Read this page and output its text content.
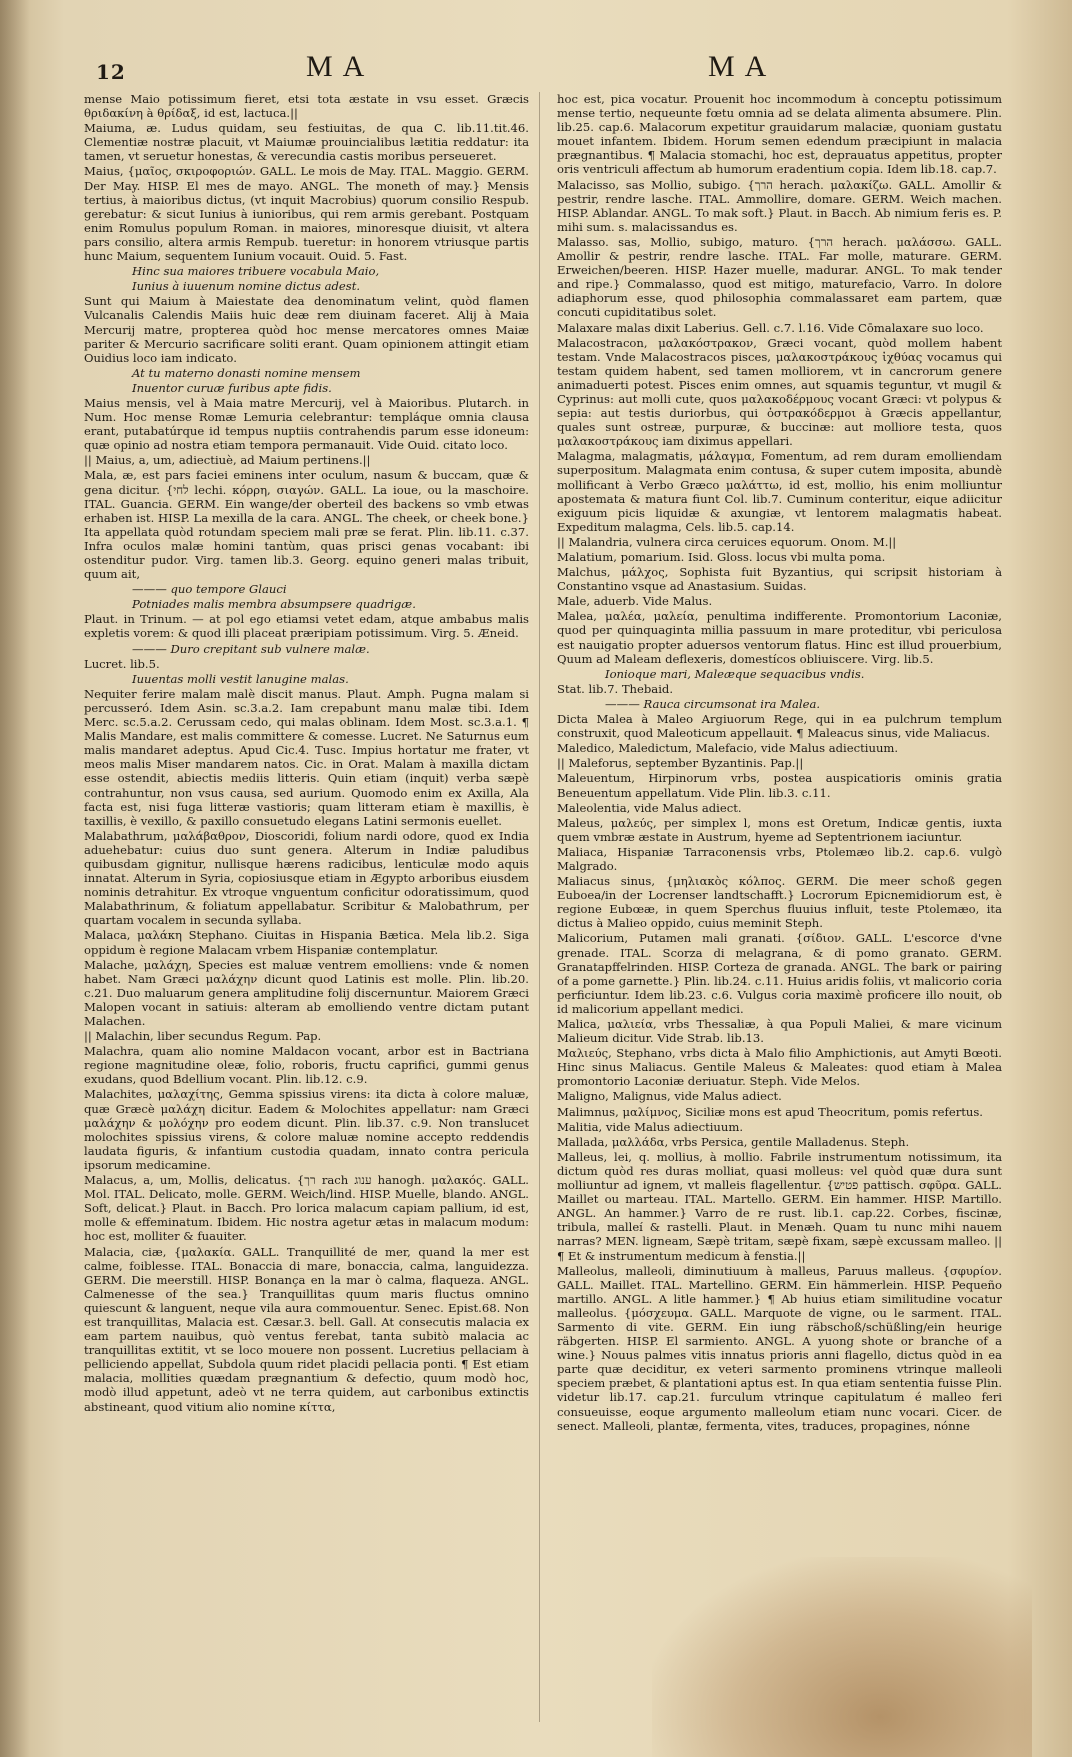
12	MA	MA

mense Maio potissimum fieret, etsi tota æstate in vsu esset. Græcis θριδακίνη à θρίδαξ, id est, lactuca.||

Maiuma, æ. Ludus quidam, seu festiuitas, de qua C. lib.11.tit.46. Clementiæ nostræ placuit, vt Maiumæ prouincialibus lætitia reddatur: ita tamen, vt seruetur honestas, & verecundia castis moribus perseueret.

Maius, {μαῖος, σκιροφοριών. GALL. Le mois de May. ITAL. Maggio. GERM. Der May. HISP. El mes de mayo. ANGL. The moneth of may.} Mensis tertius, à maioribus dictus, (vt inquit Macrobius) quorum consilio Respub. gerebatur: & sicut Iunius à iunioribus, qui rem armis gerebant. Postquam enim Romulus populum Roman. in maiores, minoresque diuisit, vt altera pars consilio, altera armis Rempub. tueretur: in honorem vtriusque partis hunc Maium, sequentem Iunium vocauit. Ouid. 5. Fast.

Hinc sua maiores tribuere vocabula Maio,

Iunius à iuuenum nomine dictus adest.

Sunt qui Maium à Maiestate dea denominatum velint, quòd flamen Vulcanalis Calendis Maiis huic deæ rem diuinam faceret. Alij à Maia Mercurij matre, propterea quòd hoc mense mercatores omnes Maiæ pariter & Mercurio sacrificare soliti erant. Quam opinionem attingit etiam Ouidius loco iam indicato.

At tu materno donasti nomine mensem

Inuentor curuæ furibus apte fidis.

Maius mensis, vel à Maia matre Mercurij, vel à Maioribus. Plutarch. in Num. Hoc mense Romæ Lemuria celebrantur: templáque omnia clausa erant, putabatúrque id tempus nuptiis contrahendis parum esse idoneum: quæ opinio ad nostra etiam tempora permanauit. Vide Ouid. citato loco.

|| Maius, a, um, adiectiuè, ad Maium pertinens.||

Mala, æ, est pars faciei eminens inter oculum, nasum & buccam, quæ & gena dicitur. {לחי lechi. κόρρη, σιαγών. GALL. La ioue, ou la maschoire. ITAL. Guancia. GERM. Ein wange/der oberteil des backens so vmb etwas erhaben ist. HISP. La mexilla de la cara. ANGL. The cheek, or cheek bone.} Ita appellata quòd rotundam speciem mali præ se ferat. Plin. lib.11. c.37. Infra oculos malæ homini tantùm, quas prisci genas vocabant: ibi ostenditur pudor. Virg. tamen lib.3. Georg. equino generi malas tribuit, quum ait,

——— quo tempore Glauci

Potniades malis membra absumpsere quadrigæ.

Plaut. in Trinum. — at pol ego etiamsi vetet edam, atque ambabus malis expletis vorem: & quod illi placeat præripiam potissimum. Virg. 5. Æneid.

——— Duro crepitant sub vulnere malæ.

Lucret. lib.5.

Iuuentas molli vestit lanugine malas.

Nequiter ferire malam malè discit manus. Plaut. Amph. Pugna malam si percusseró. Idem Asin. sc.3.a.2. Iam crepabunt manu malæ tibi. Idem Merc. sc.5.a.2. Cerussam cedo, qui malas oblinam. Idem Most. sc.3.a.1. ¶ Malis Mandare, est malis committere & comesse. Lucret. Ne Saturnus eum malis mandaret adeptus. Apud Cic.4. Tusc. Impius hortatur me frater, vt meos malis Miser mandarem natos. Cic. in Orat. Malam à maxilla dictam esse ostendit, abiectis mediis litteris. Quin etiam (inquit) verba sæpè contrahuntur, non vsus causa, sed aurium. Quomodo enim ex Axilla, Ala facta est, nisi fuga litteræ vastioris; quam litteram etiam è maxillis, è taxillis, è vexillo, & paxillo consuetudo elegans Latini sermonis euellet.

Malabathrum, μαλάβαθρον, Dioscoridi, folium nardi odore, quod ex India aduehebatur: cuius duo sunt genera. Alterum in Indiæ paludibus quibusdam gignitur, nullisque hærens radicibus, lenticulæ modo aquis innatat. Alterum in Syria, copiosiusque etiam in Ægypto arboribus eiusdem nominis detrahitur. Ex vtroque vnguentum conficitur odoratissimum, quod Malabathrinum, & foliatum appellabatur. Scribitur & Malobathrum, per quartam vocalem in secunda syllaba.

Malaca, μαλάκη Stephano. Ciuitas in Hispania Bætica. Mela lib.2. Siga oppidum è regione Malacam vrbem Hispaniæ contemplatur.

Malache, μαλάχη, Species est maluæ ventrem emolliens: vnde & nomen habet. Nam Græci μαλάχην dicunt quod Latinis est molle. Plin. lib.20. c.21. Duo maluarum genera amplitudine folij discernuntur. Maiorem Græci Malopen vocant in satiuis: alteram ab emolliendo ventre dictam putant Malachen.

|| Malachin, liber secundus Regum. Pap.

Malachra, quam alio nomine Maldacon vocant, arbor est in Bactriana regione magnitudine oleæ, folio, roboris, fructu caprifici, gummi genus exudans, quod Bdellium vocant. Plin. lib.12. c.9.

Malachites, μαλαχίτης, Gemma spissius virens: ita dicta à colore maluæ, quæ Græcè μαλάχη dicitur. Eadem & Molochites appellatur: nam Græci μαλάχην & μολόχην pro eodem dicunt. Plin. lib.37. c.9. Non translucet molochites spissius virens, & colore maluæ nomine accepto reddendis laudata figuris, & infantium custodia quadam, innato contra pericula ipsorum medicamine.

Malacus, a, um, Mollis, delicatus. {רך rach ענוג hanogh. μαλακός. GALL. Mol. ITAL. Delicato, molle. GERM. Weich/lind. HISP. Muelle, blando. ANGL. Soft, delicat.} Plaut. in Bacch. Pro lorica malacum capiam pallium, id est, molle & effeminatum. Ibidem. Hic nostra agetur ætas in malacum modum: hoc est, molliter & fuauiter.

Malacia, ciæ, {μαλακία. GALL. Tranquillité de mer, quand la mer est calme, foiblesse. ITAL. Bonaccia di mare, bonaccia, calma, languidezza. GERM. Die meerstill. HISP. Bonança en la mar ò calma, flaqueza. ANGL. Calmenesse of the sea.} Tranquillitas quum maris fluctus omnino quiescunt & languent, neque vila aura commouentur. Senec. Epist.68. Non est tranquillitas, Malacia est. Cæsar.3. bell. Gall. At consecutis malacia ex eam partem nauibus, quò ventus ferebat, tanta subitò malacia ac tranquillitas extitit, vt se loco mouere non possent. Lucretius pellaciam à pelliciendo appellat, Subdola quum ridet placidi pellacia ponti. ¶ Est etiam malacia, mollities quædam prægnantium & defectio, quum modò hoc, modò illud appetunt, adeò vt ne terra quidem, aut carbonibus extinctis abstineant, quod vitium alio nomine κίττα,

hoc est, pica vocatur. Prouenit hoc incommodum à conceptu potissimum mense tertio, nequeunte fœtu omnia ad se delata alimenta absumere. Plin. lib.25. cap.6. Malacorum expetitur grauidarum malaciæ, quoniam gustatu mouet infantem. Ibidem. Horum semen edendum præcipiunt in malacia prægnantibus. ¶ Malacia stomachi, hoc est, deprauatus appetitus, propter oris ventriculi affectum ab humorum eradentium copia. Idem lib.18. cap.7.

Malacisso, sas Mollio, subigo. {הרך herach. μαλακίζω. GALL. Amollir & pestrir, rendre lasche. ITAL. Ammollire, domare. GERM. Weich machen. HISP. Ablandar. ANGL. To mak soft.} Plaut. in Bacch. Ab nimium feris es. P. mihi sum. s. malacissandus es.

Malasso. sas, Mollio, subigo, maturo. {הרך herach. μαλάσσω. GALL. Amollir & pestrir, rendre lasche. ITAL. Far molle, maturare. GERM. Erweichen/beeren. HISP. Hazer muelle, madurar. ANGL. To mak tender and ripe.} Commalasso, quod est mitigo, maturefacio, Varro. In dolore adiaphorum esse, quod philosophia commalassaret eam partem, quæ concuti cupiditatibus solet.

Malaxare malas dixit Laberius. Gell. c.7. l.16. Vide Cōmalaxare suo loco.

Malacostracon, μαλακόστρακον, Græci vocant, quòd mollem habent testam. Vnde Malacostracos pisces, μαλακοστράκους ἰχθύας vocamus qui testam quidem habent, sed tamen molliorem, vt in cancrorum genere animaduerti potest. Pisces enim omnes, aut squamis teguntur, vt mugil & Cyprinus: aut molli cute, quos μαλακοδέρμους vocant Græci: vt polypus & sepia: aut testis duriorbus, qui ὀστρακόδερμοι à Græcis appellantur, quales sunt ostreæ, purpuræ, & buccinæ: aut molliore testa, quos μαλακοστράκους iam diximus appellari.

Malagma, malagmatis, μάλαγμα, Fomentum, ad rem duram emolliendam superpositum. Malagmata enim contusa, & super cutem imposita, abundè mollificant à Verbo Græco μαλάττω, id est, mollio, his enim molliuntur apostemata & matura fiunt Col. lib.7. Cuminum conteritur, eique adiicitur exiguum picis liquidæ & axungiæ, vt lentorem malagmatis habeat. Expeditum malagma, Cels. lib.5. cap.14.

|| Malandria, vulnera circa ceruices equorum. Onom. M.||

Malatium, pomarium. Isid. Gloss. locus vbi multa poma.

Malchus, μάλχος, Sophista fuit Byzantius, qui scripsit historiam à Constantino vsque ad Anastasium. Suidas.

Male, aduerb. Vide Malus.

Malea, μαλέα, μαλεία, penultima indifferente. Promontorium Laconiæ, quod per quinquaginta millia passuum in mare proteditur, vbi periculosa est nauigatio propter aduersos ventorum flatus. Hinc est illud prouerbium, Quum ad Maleam deflexeris, domestícos obliuiscere. Virg. lib.5.

Ionioque mari, Maleæque sequacibus vndis.

Stat. lib.7. Thebaid.

——— Rauca circumsonat ira Malea.

Dicta Malea à Maleo Argiuorum Rege, qui in ea pulchrum templum construxit, quod Maleoticum appellauit. ¶ Maleacus sinus, vide Maliacus.

Maledico, Maledictum, Malefacio, vide Malus adiectiuum.

|| Maleforus, september Byzantinis. Pap.||

Maleuentum, Hirpinorum vrbs, postea auspicatioris ominis gratia Beneuentum appellatum. Vide Plin. lib.3. c.11.

Maleolentia, vide Malus adiect.

Maleus, μαλεύς, per simplex l, mons est Oretum, Indicæ gentis, iuxta quem vmbræ æstate in Austrum, hyeme ad Septentrionem iaciuntur.

Maliaca, Hispaniæ Tarraconensis vrbs, Ptolemæo lib.2. cap.6. vulgò Malgrado.

Maliacus sinus, {μηλιακὸς κόλπος. GERM. Die meer schoß gegen Euboea/in der Locrenser landtschafft.} Locrorum Epicnemidiorum est, è regione Eubœæ, in quem Sperchus fluuius influit, teste Ptolemæo, ita dictus à Malieo oppido, cuius meminit Steph.

Malicorium, Putamen mali granati. {σίδιον. GALL. L'escorce d'vne grenade. ITAL. Scorza di melagrana, & di pomo granato. GERM. Granatapffelrinden. HISP. Corteza de granada. ANGL. The bark or pairing of a pome garnette.} Plin. lib.24. c.11. Huius aridis foliis, vt malicorio coria perficiuntur. Idem lib.23. c.6. Vulgus coria maximè proficere illo nouit, ob id malicorium appellant medici.

Malica, μαλιεία, vrbs Thessaliæ, à qua Populi Maliei, & mare vicinum Malieum dicitur. Vide Strab. lib.13.

Μαλιεύς, Stephano, vrbs dicta à Malo filio Amphictionis, aut Amyti Bœoti. Hinc sinus Maliacus. Gentile Maleus & Maleates: quod etiam à Malea promontorio Laconiæ deriuatur. Steph. Vide Melos.

Maligno, Malignus, vide Malus adiect.

Malimnus, μαλίμνος, Siciliæ mons est apud Theocritum, pomis refertus.

Malitia, vide Malus adiectiuum.

Mallada, μαλλάδα, vrbs Persica, gentile Malladenus. Steph.

Malleus, lei, q. mollius, à mollio. Fabrile instrumentum notissimum, ita dictum quòd res duras molliat, quasi molleus: vel quòd quæ dura sunt molliuntur ad ignem, vt malleis flagellentur. {פטיש pattisch. σφῦρα. GALL. Maillet ou marteau. ITAL. Martello. GERM. Ein hammer. HISP. Martillo. ANGL. An hammer.} Varro de re rust. lib.1. cap.22. Corbes, fiscinæ, tribula, malleí & rastelli. Plaut. in Menæh. Quam tu nunc mihi nauem narras? MEN. ligneam, Sæpè tritam, sæpè fixam, sæpè excussam malleo. || ¶ Et & instrumentum medicum à fenstia.||

Malleolus, malleoli, diminutiuum à malleus, Paruus malleus. {σφυρίον. GALL. Maillet. ITAL. Martellino. GERM. Ein hämmerlein. HISP. Pequeño martillo. ANGL. A litle hammer.} ¶ Ab huius etiam similitudine vocatur malleolus. {μόσχευμα. GALL. Marquote de vigne, ou le sarment. ITAL. Sarmento di vite. GERM. Ein iung räbschoß/schüßling/ein heurige räbgerten. HISP. El sarmiento. ANGL. A yuong shote or branche of a wine.} Nouus palmes vitis innatus prioris anni flagello, dictus quòd in ea parte quæ deciditur, ex veteri sarmento prominens vtrinque malleoli speciem præbet, & plantationi aptus est. In qua etiam sententia fuisse Plin. videtur lib.17. cap.21. furculum vtrinque capitulatum é malleo feri consueuisse, eoque argumento malleolum etiam nunc vocari. Cicer. de senect. Malleoli, plantæ, fermenta, vites, traduces, propagines, nónne
